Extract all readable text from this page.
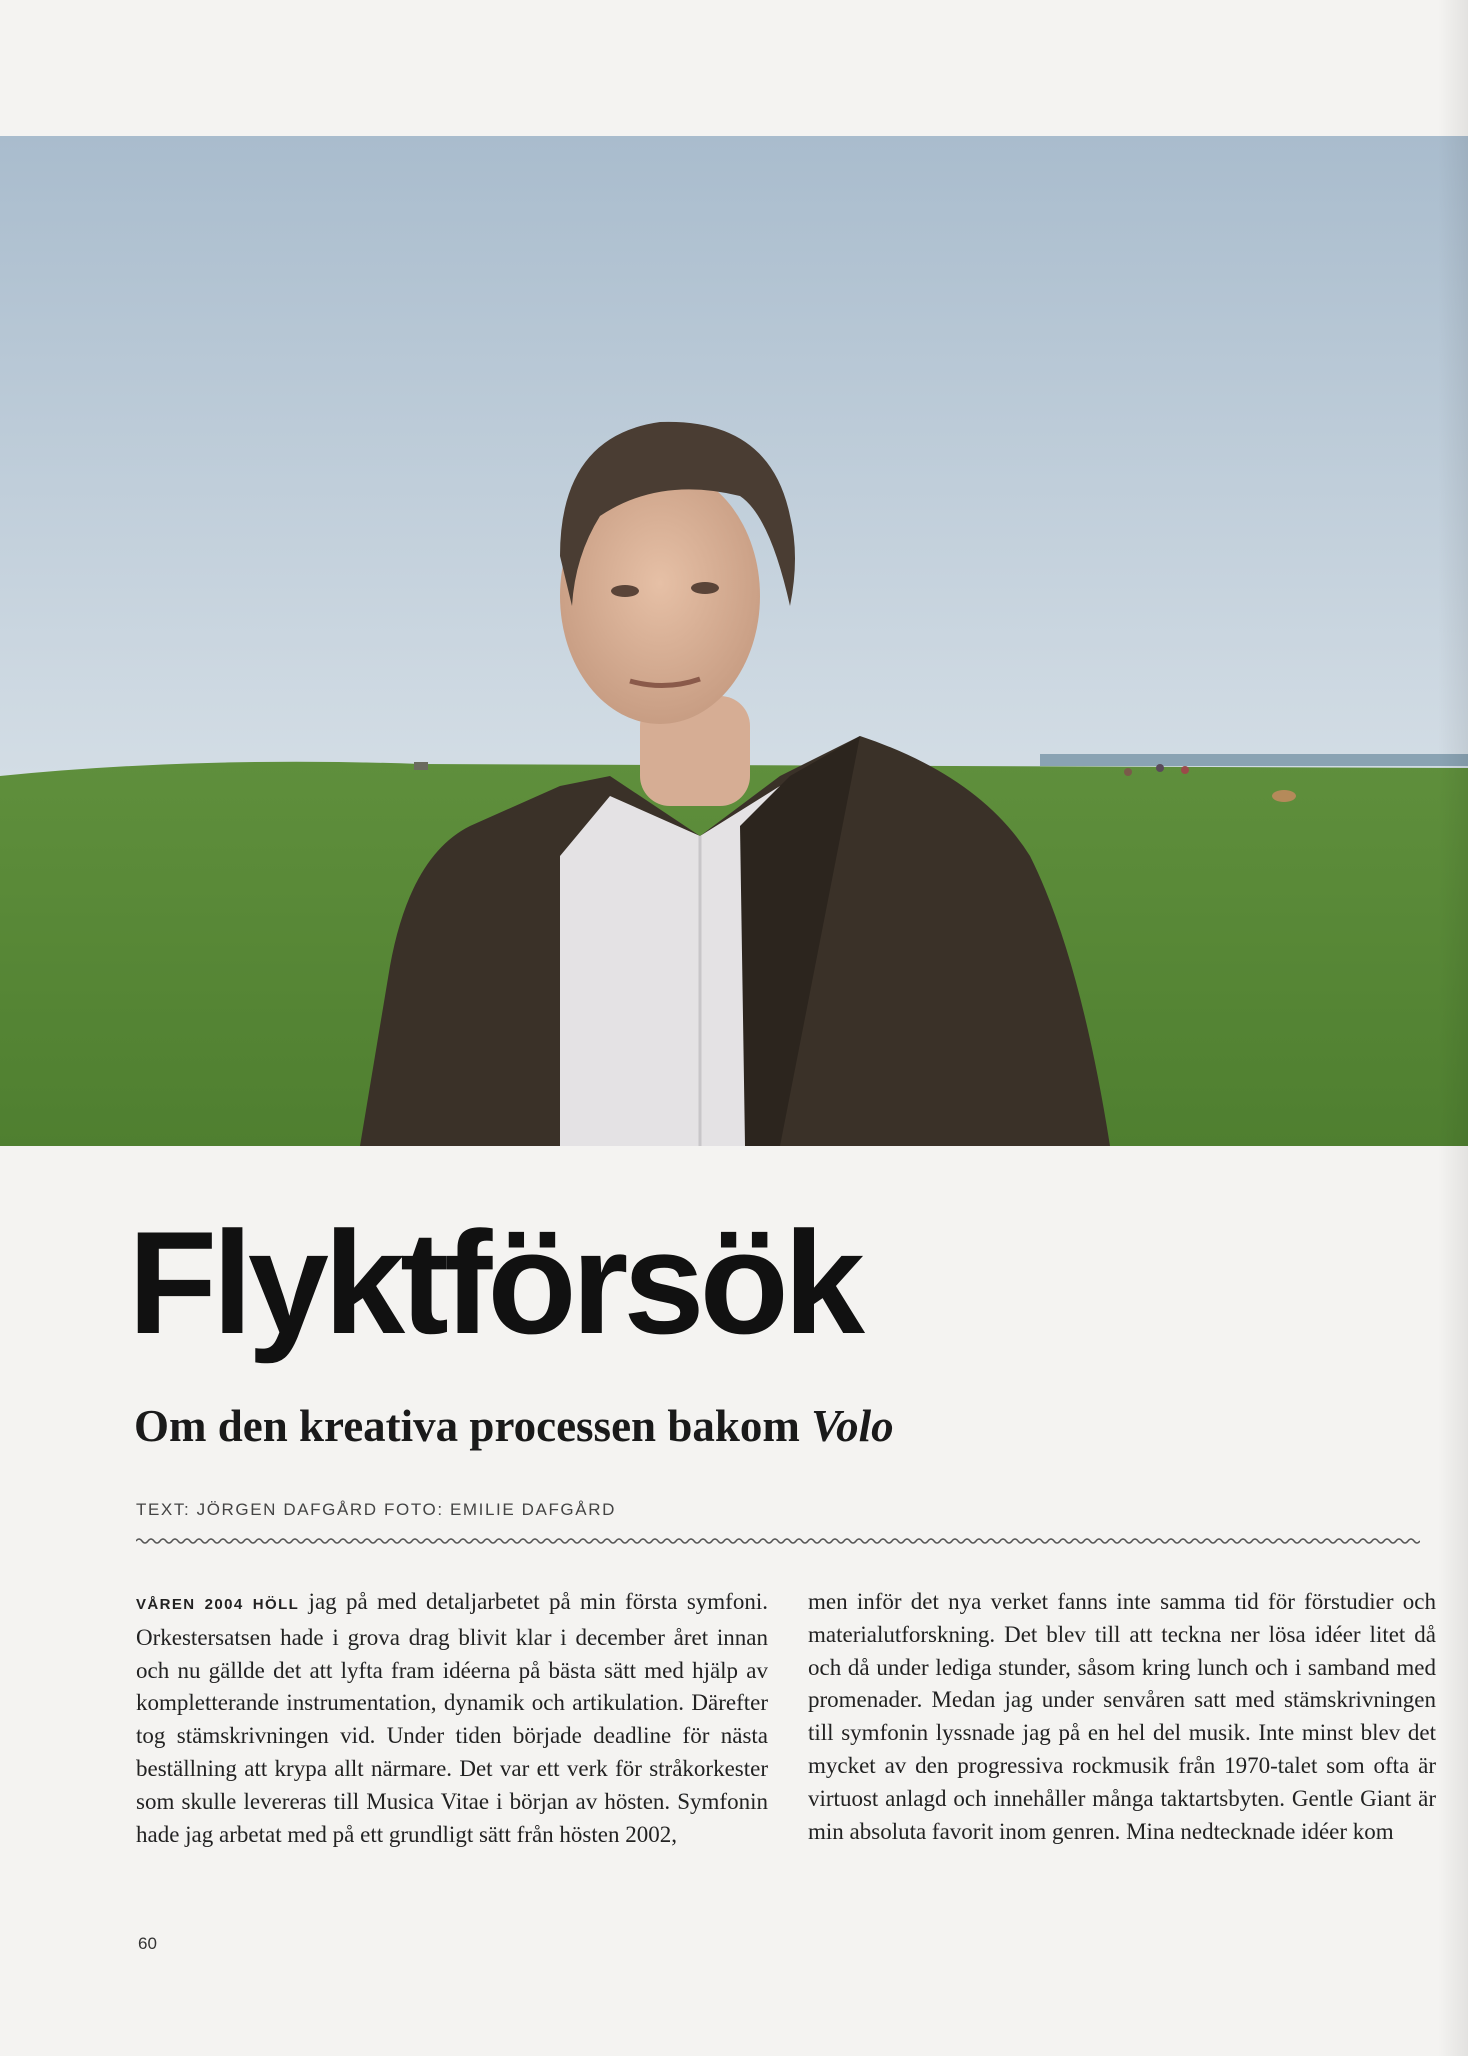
Flyktförsök
Om den kreativa processen bakom Volo
TEXT: JÖRGEN DAFGÅRD FOTO: EMILIE DAFGÅRD
VÅREN 2004 HÖLL jag på med detaljarbetet på min första symfoni. Orkestersatsen hade i grova drag blivit klar i december året innan och nu gällde det att lyfta fram idéerna på bästa sätt med hjälp av kompletterande instrumentation, dynamik och artikulation. Därefter tog stämskrivningen vid. Under tiden började deadline för nästa beställning att krypa allt närmare. Det var ett verk för stråkorkester som skulle levereras till Musica Vitae i början av hösten. Symfonin hade jag arbetat med på ett grundligt sätt från hösten 2002,
men inför det nya verket fanns inte samma tid för förstudier och materialutforskning. Det blev till att teckna ner lösa idéer litet då och då under lediga stunder, såsom kring lunch och i samband med promenader. Medan jag under senvåren satt med stämskrivningen till symfonin lyssnade jag på en hel del musik. Inte minst blev det mycket av den progressiva rockmusik från 1970-talet som ofta är virtuost anlagd och innehåller många taktartsbyten. Gentle Giant är min absoluta favorit inom genren. Mina nedtecknade idéer kom
60
